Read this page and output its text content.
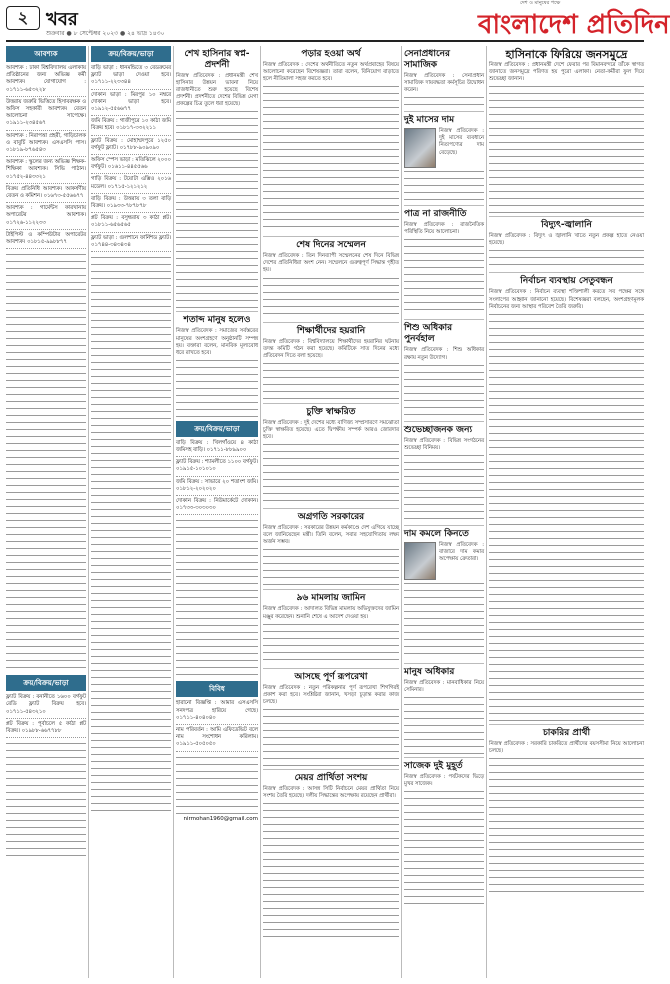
২ খবর
শুক্রবার ● ৮ সেপ্টেম্বর ২০২৩ ● ২৪ ভাদ্র ১৪৩০
দেশ ও মানুষের পক্ষে
বাংলাদেশ প্রতিদিন
আবশ্যক
আবশ্যক : ঢাকা বিশ্ববিদ্যালয় এলাকায় প্রতিষ্ঠানের জন্য অভিজ্ঞ কর্মী আবশ্যক। যোগাযোগ : ০১৭১১-৬৫৩২২৮
উত্তরায় জরুরি ভিত্তিতে হিসাবরক্ষক ও অফিস সহকারী আবশ্যক। বেতন আলোচনা সাপেক্ষে। ০১৯১১-২৩৪৫৬৭
আবশ্যক : নিরাপত্তা প্রহরী, গাড়িচালক ও বাবুর্চি আবশ্যক। এসএসসি পাস। ০১৮১৯-৮৭৬৫৪৩
আবশ্যক : স্কুলের জন্য অভিজ্ঞ শিক্ষক-শিক্ষিকা আবশ্যক। সিভি পাঠান। ০১৭৫২-৪৪৩৩২১
বিক্রয় প্রতিনিধি আবশ্যক। আকর্ষণীয় বেতন ও কমিশন। ০১৬৭৩-৫৫৬৬৭৭
আবশ্যক : গার্মেন্টস কারখানায় অপারেটর আবশ্যক। ০১৭২৬-১১২২৩৩
টাইপিস্ট ও কম্পিউটার অপারেটর আবশ্যক। ০১৮১৫-৯৯৮৮৭৭
ক্রয়/বিক্রয়/ভাড়া
ফ্ল্যাট বিক্রয় : বনানীতে ১৬০০ বর্গফুট রেডি ফ্ল্যাট বিক্রয় হবে। ০১৭১১-৫৪৩২১০
প্লট বিক্রয় : পূর্বাচলে ৫ কাঠা প্লট বিক্রয়। ০১৯৮৮-৬৬৭৭৮৮
ক্রয়/বিক্রয়/ভাড়া
বাড়ি ভাড়া : ধানমন্ডিতে ৩ বেডরুমের ফ্ল্যাট ভাড়া দেওয়া হবে। ০১৭১১-২২৩৩৪৪
দোকান ভাড়া : মিরপুর ১০ নম্বরে দোকান ভাড়া হবে। ০১৯১২-৫৫৬৬৭৭
জমি বিক্রয় : গাজীপুরে ১০ কাঠা জমি বিক্রয় হবে। ০১৮১৭-৩৩২২১১
ফ্ল্যাট বিক্রয় : মোহাম্মদপুরে ১২৫০ বর্গফুট ফ্ল্যাট। ০১৭৮৮-৯০৯০৯০
অফিস স্পেস ভাড়া : মতিঝিলে ২০০০ বর্গফুট। ০১৬১১-৪৪৫৫৬৬
গাড়ি বিক্রয় : টয়োটা এক্সিও ২০১৬ মডেল। ০১৭১৫-১২১২১২
বাড়ি বিক্রয় : উত্তরায় ৩ তলা বাড়ি বিক্রয়। ০১৯৩৩-৭৮৭৮৭৮
প্লট বিক্রয় : বসুন্ধরায় ৩ কাঠা প্লট। ০১৮১১-৬৫৬৫৬৫
ফ্ল্যাট ভাড়া : গুলশানে ফার্নিশড ফ্ল্যাট। ০১৭৪৪-৩৪৩৪৩৪
শেখ হাসিনার স্বপ্ন-প্রদর্শনী
নিজস্ব প্রতিবেদক : প্রধানমন্ত্রী শেখ হাসিনার উন্নয়ন ভাবনা নিয়ে রাজধানীতে শুরু হয়েছে বিশেষ প্রদর্শনী। প্রদর্শনীতে দেশের বিভিন্ন মেগা প্রকল্পের চিত্র তুলে ধরা হয়েছে।
শতাব্দ মানুষ হলেও
নিজস্ব প্রতিবেদক : সমাজের সর্বস্তরের মানুষের অংশগ্রহণে অনুষ্ঠানটি সম্পন্ন হয়। বক্তারা বলেন, মানবিক মূল্যবোধ ধরে রাখতে হবে।
ক্রয়/বিক্রয়/ভাড়া
বাড়ি বিক্রয় : খিলগাঁওয়ে ৪ কাঠা জমিসহ বাড়ি। ০১৭১১-৮৮৯৯০০
ফ্ল্যাট বিক্রয় : শ্যামলীতে ১১০০ বর্গফুট। ০১৯১৫-১০১০১০
জমি বিক্রয় : সাভারে ২০ শতাংশ জমি। ০১৮১২-২০২০২০
দোকান বিক্রয় : নিউমার্কেটে দোকান। ০১৭৩৩-৩০৩০৩০
বিবিধ
হারানো বিজ্ঞপ্তি : আমার এসএসসি সনদপত্র হারিয়ে গেছে। ০১৭১১-৪০৪০৪০
নাম পরিবর্তন : আমি এফিডেভিট বলে নাম সংশোধন করিলাম। ০১৯১১-৫০৫০৫০
nirmohan1960@gmail.com
পড়ার হওয়া অর্থ
নিজস্ব প্রতিবেদক : দেশের অর্থনীতিতে নতুন অর্থপ্রবাহের বিষয়ে আলোচনা করেছেন বিশেষজ্ঞরা। তারা বলেন, বিনিয়োগ বাড়াতে হলে নীতিমালা সহজ করতে হবে।
শেষ দিনের সম্মেলন
নিজস্ব প্রতিবেদক : তিন দিনব্যাপী সম্মেলনের শেষ দিনে বিভিন্ন দেশের প্রতিনিধিরা অংশ নেন। সম্মেলনে গুরুত্বপূর্ণ সিদ্ধান্ত গৃহীত হয়।
শিক্ষার্থীদের হয়রানি
নিজস্ব প্রতিবেদক : বিশ্ববিদ্যালয়ে শিক্ষার্থীদের হয়রানির ঘটনায় তদন্ত কমিটি গঠন করা হয়েছে। কমিটিকে সাত দিনের মধ্যে প্রতিবেদন দিতে বলা হয়েছে।
চুক্তি স্বাক্ষরিত
নিজস্ব প্রতিবেদক : দুই দেশের মধ্যে বাণিজ্য সম্প্রসারণে সমঝোতা চুক্তি স্বাক্ষরিত হয়েছে। এতে দ্বিপক্ষীয় সম্পর্ক আরও জোরদার হবে।
অগ্রগতি সরকারের
নিজস্ব প্রতিবেদক : সরকারের উন্নয়ন কর্মকাণ্ডে দেশ এগিয়ে যাচ্ছে বলে জানিয়েছেন মন্ত্রী। তিনি বলেন, সবার সহযোগিতায় লক্ষ্য অর্জন সম্ভব।
৯৬ মামলায় জামিন
নিজস্ব প্রতিবেদক : আদালত বিভিন্ন মামলায় অভিযুক্তদের জামিন মঞ্জুর করেছেন। শুনানি শেষে এ আদেশ দেওয়া হয়।
আসছে পূর্ণ রূপরেখা
নিজস্ব প্রতিবেদক : নতুন পরিকল্পনার পূর্ণ রূপরেখা শিগগিরই প্রকাশ করা হবে। সংশ্লিষ্টরা জানান, খসড়া চূড়ান্ত করার কাজ চলছে।
মেয়র প্রার্থিতা সংশয়
নিজস্ব প্রতিবেদক : আসন্ন সিটি নির্বাচনে মেয়র প্রার্থিতা নিয়ে সংশয় তৈরি হয়েছে। দলীয় সিদ্ধান্তের অপেক্ষায় রয়েছেন প্রার্থীরা।
সেনাপ্রধানের সামাজিক
নিজস্ব প্রতিবেদক : সেনাপ্রধান সামাজিক দায়বদ্ধতা কর্মসূচির উদ্বোধন করেন।
দুই মাসের দাম
নিজস্ব প্রতিবেদক : দুই মাসের ব্যবধানে নিত্যপণ্যের দাম বেড়েছে।
পাত্র না রাজনীতি
নিজস্ব প্রতিবেদক : রাজনৈতিক পরিস্থিতি নিয়ে আলোচনা।
শিশু অধিকার পুনর্বহাল
নিজস্ব প্রতিবেদক : শিশু অধিকার রক্ষায় নতুন উদ্যোগ।
শুভেচ্ছাজনক জন্য
নিজস্ব প্রতিবেদক : বিভিন্ন সংগঠনের শুভেচ্ছা বিনিময়।
দাম কমলে কিনতে
নিজস্ব প্রতিবেদক : বাজারে দাম কমার অপেক্ষায় ক্রেতারা।
মানুষ অধিকার
নিজস্ব প্রতিবেদক : মানবাধিকার নিয়ে সেমিনার।
সাজেক দুই মুহূর্ত
নিজস্ব প্রতিবেদক : পর্যটকদের ভিড়ে মুখর সাজেক।
হাসিনাকে ফিরিয়ে জনসমুদ্রে
নিজস্ব প্রতিবেদক : প্রধানমন্ত্রী দেশে ফেরার পর বিমানবন্দরে তাঁকে স্বাগত জানাতে জনসমুদ্রে পরিণত হয় পুরো এলাকা। নেতা-কর্মীরা ফুল দিয়ে শুভেচ্ছা জানান।
বিদ্যুৎ-জ্বালানি
নিজস্ব প্রতিবেদক : বিদ্যুৎ ও জ্বালানি খাতে নতুন প্রকল্প হাতে নেওয়া হয়েছে।
নির্বাচন ব্যবস্থায় সেতুবন্ধন
নিজস্ব প্রতিবেদক : নির্বাচন ব্যবস্থা শক্তিশালী করতে সব পক্ষের সঙ্গে সংলাপের আহ্বান জানানো হয়েছে। বিশেষজ্ঞরা বলছেন, অংশগ্রহণমূলক নির্বাচনের জন্য আস্থার পরিবেশ তৈরি জরুরি।
চাকরির প্রার্থী
নিজস্ব প্রতিবেদক : সরকারি চাকরিতে প্রার্থীদের বয়সসীমা নিয়ে আলোচনা চলছে।
